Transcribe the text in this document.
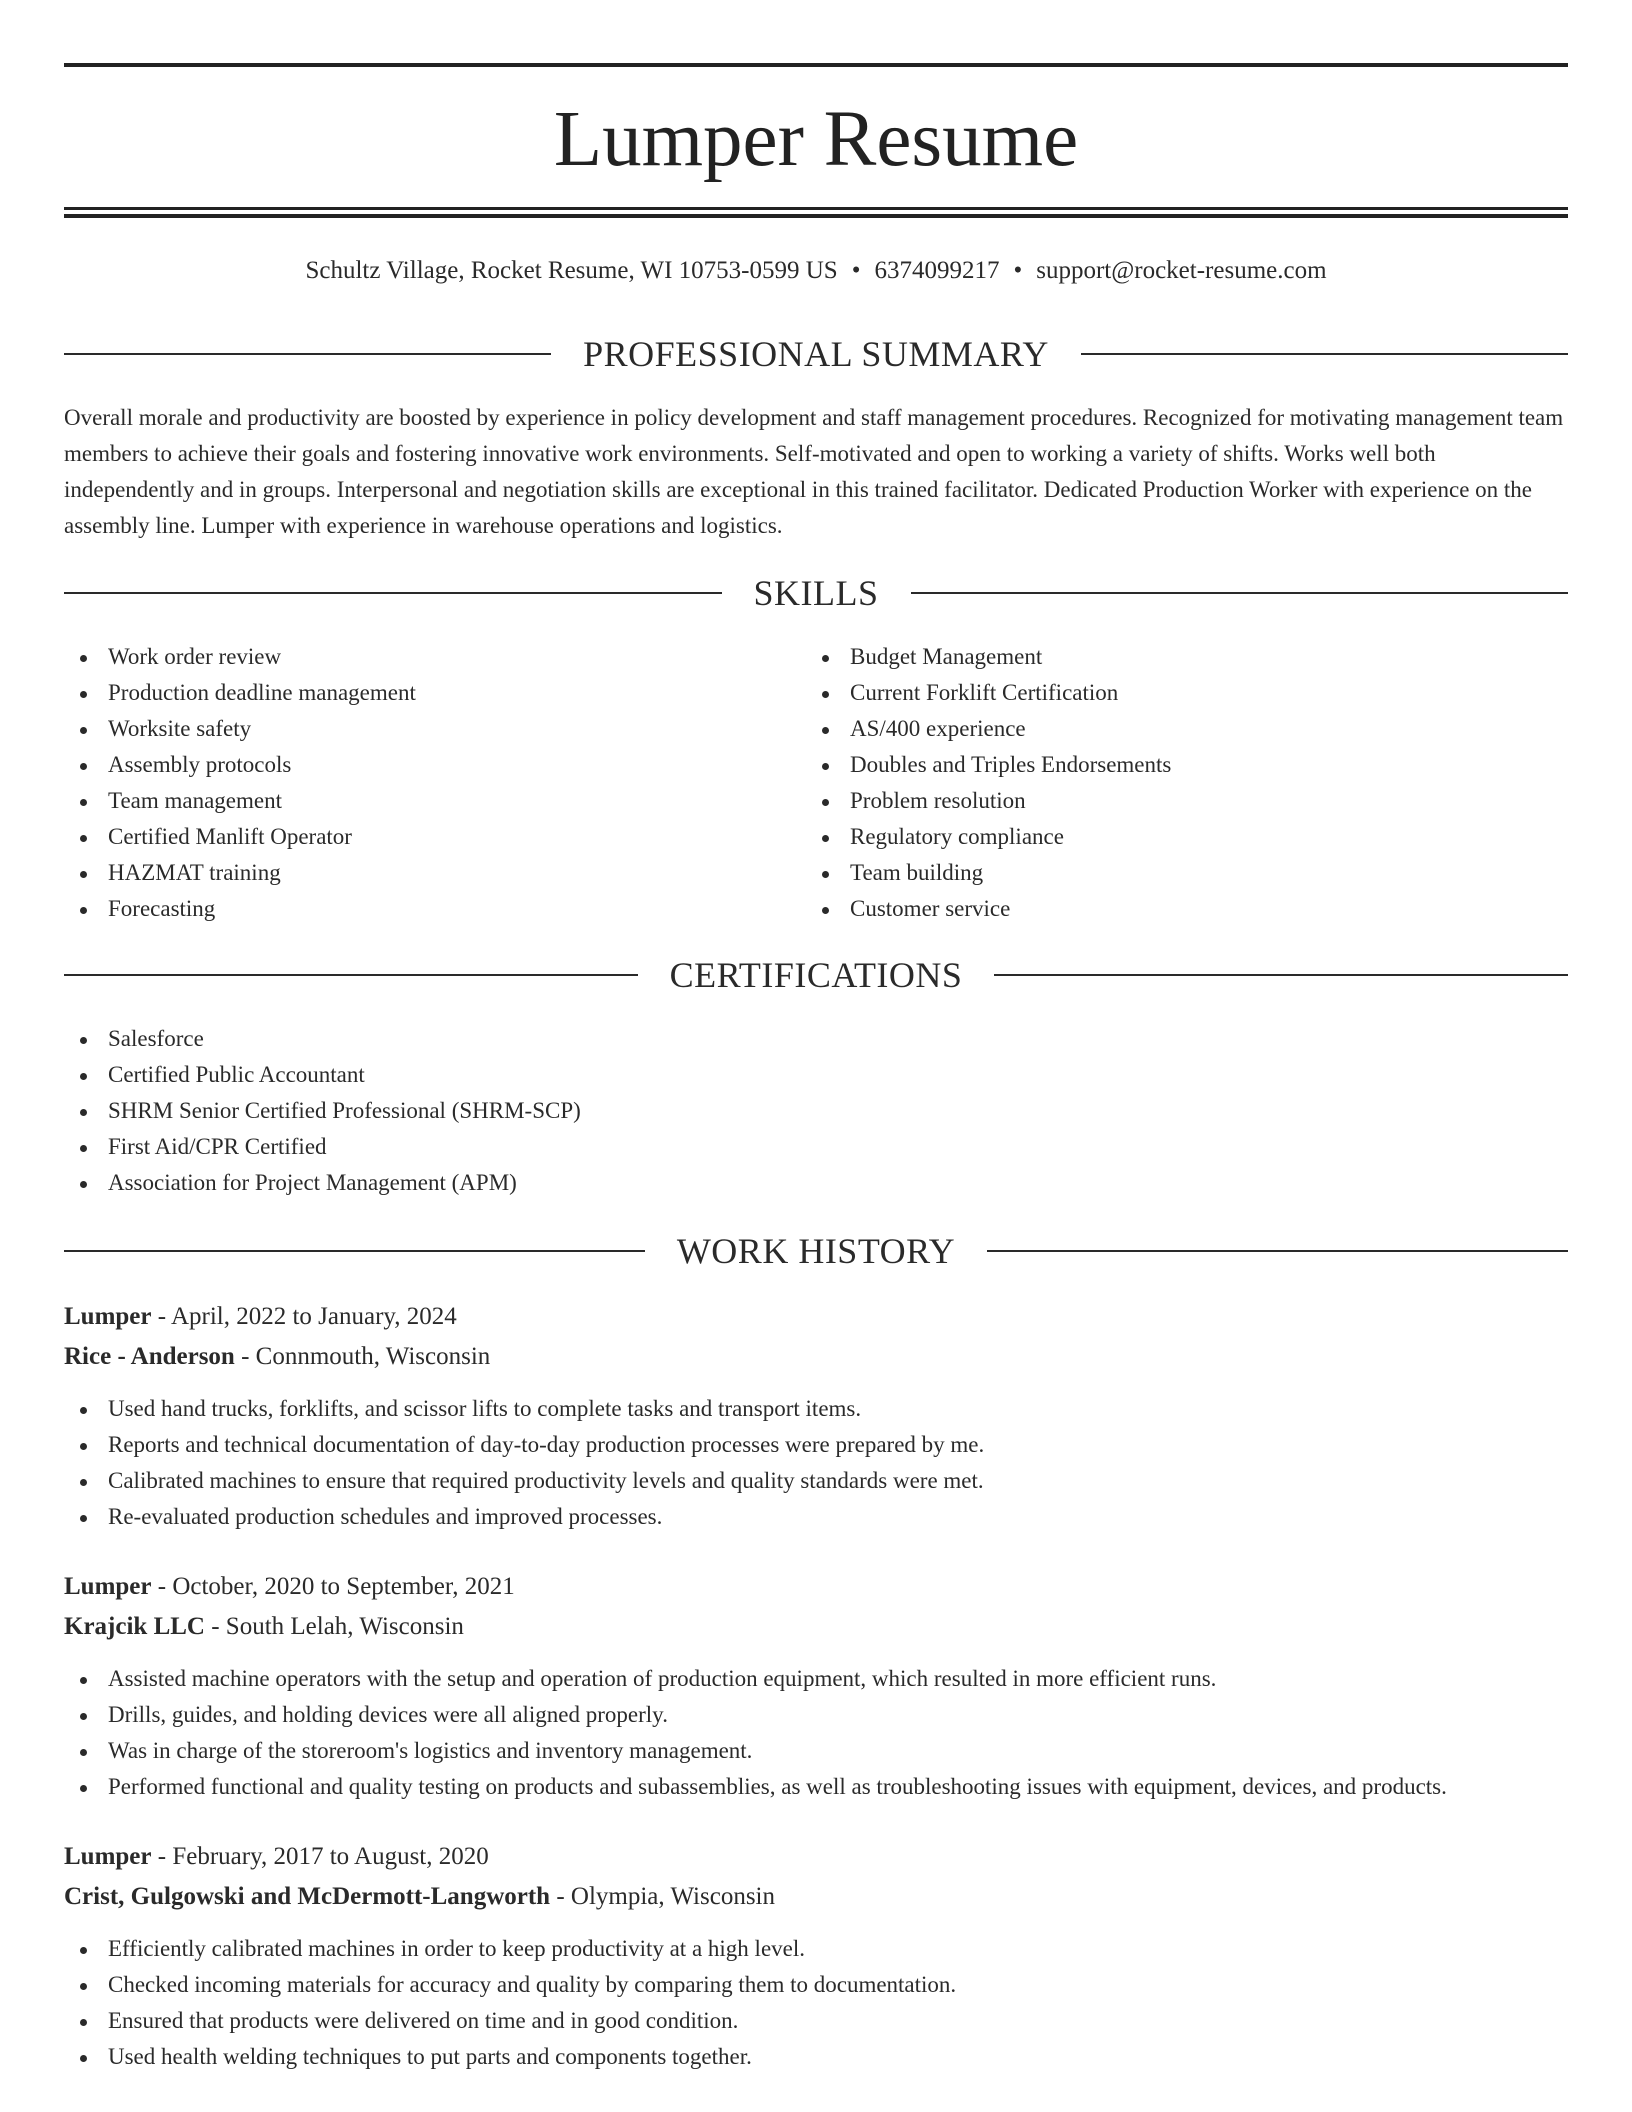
Lumper Resume
Schultz Village, Rocket Resume, WI 10753-0599 US • 6374099217 • support@rocket-resume.com
PROFESSIONAL SUMMARY

Overall morale and productivity are boosted by experience in policy development and staff management procedures. Recognized for motivating management team members to achieve their goals and fostering innovative work environments. Self-motivated and open to working a variety of shifts. Works well both independently and in groups. Interpersonal and negotiation skills are exceptional in this trained facilitator. Dedicated Production Worker with experience on the assembly line. Lumper with experience in warehouse operations and logistics.

SKILLS
Work order review
Production deadline management
Worksite safety
Assembly protocols
Team management
Certified Manlift Operator
HAZMAT training
Forecasting
Budget Management
Current Forklift Certification
AS/400 experience
Doubles and Triples Endorsements
Problem resolution
Regulatory compliance
Team building
Customer service
CERTIFICATIONS
Salesforce
Certified Public Accountant
SHRM Senior Certified Professional (SHRM-SCP)
First Aid/CPR Certified
Association for Project Management (APM)
WORK HISTORY
Lumper - April, 2022 to January, 2024
Rice - Anderson - Connmouth, Wisconsin
Used hand trucks, forklifts, and scissor lifts to complete tasks and transport items.
Reports and technical documentation of day-to-day production processes were prepared by me.
Calibrated machines to ensure that required productivity levels and quality standards were met.
Re-evaluated production schedules and improved processes.
Lumper - October, 2020 to September, 2021
Krajcik LLC - South Lelah, Wisconsin
Assisted machine operators with the setup and operation of production equipment, which resulted in more efficient runs.
Drills, guides, and holding devices were all aligned properly.
Was in charge of the storeroom's logistics and inventory management.
Performed functional and quality testing on products and subassemblies, as well as troubleshooting issues with equipment, devices, and products.
Lumper - February, 2017 to August, 2020
Crist, Gulgowski and McDermott-Langworth - Olympia, Wisconsin
Efficiently calibrated machines in order to keep productivity at a high level.
Checked incoming materials for accuracy and quality by comparing them to documentation.
Ensured that products were delivered on time and in good condition.
Used health welding techniques to put parts and components together.
